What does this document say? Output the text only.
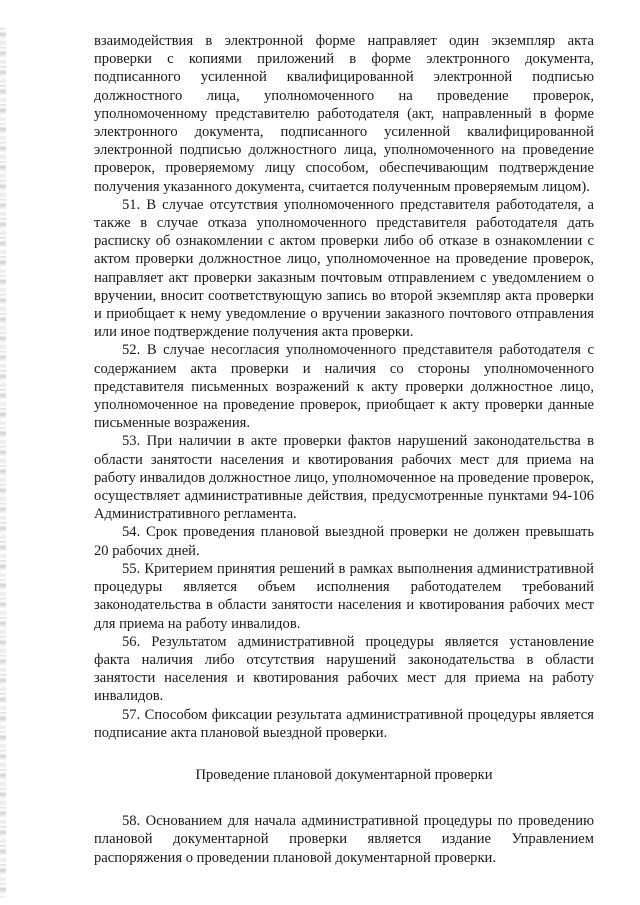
взаимодействия в электронной форме направляет один экземпляр акта проверки с копиями приложений в форме электронного документа, подписанного усиленной квалифицированной электронной подписью должностного лица, уполномоченного на проведение проверок, уполномоченному представителю работодателя (акт, направленный в форме электронного документа, подписанного усиленной квалифицированной электронной подписью должностного лица, уполномоченного на проведение проверок, проверяемому лицу способом, обеспечивающим подтверждение получения указанного документа, считается полученным проверяемым лицом).

51. В случае отсутствия уполномоченного представителя работодателя, а также в случае отказа уполномоченного представителя работодателя дать расписку об ознакомлении с актом проверки либо об отказе в ознакомлении с актом проверки должностное лицо, уполномоченное на проведение проверок, направляет акт проверки заказным почтовым отправлением с уведомлением о вручении, вносит соответствующую запись во второй экземпляр акта проверки и приобщает к нему уведомление о вручении заказного почтового отправления или иное подтверждение получения акта проверки.

52. В случае несогласия уполномоченного представителя работодателя с содержанием акта проверки и наличия со стороны уполномоченного представителя письменных возражений к акту проверки должностное лицо, уполномоченное на проведение проверок, приобщает к акту проверки данные письменные возражения.

53. При наличии в акте проверки фактов нарушений законодательства в области занятости населения и квотирования рабочих мест для приема на работу инвалидов должностное лицо, уполномоченное на проведение проверок, осуществляет административные действия, предусмотренные пунктами 94-106 Административного регламента.

54. Срок проведения плановой выездной проверки не должен превышать 20 рабочих дней.

55. Критерием принятия решений в рамках выполнения административной процедуры является объем исполнения работодателем требований законодательства в области занятости населения и квотирования рабочих мест для приема на работу инвалидов.

56. Результатом административной процедуры является установление факта наличия либо отсутствия нарушений законодательства в области занятости населения и квотирования рабочих мест для приема на работу инвалидов.

57. Способом фиксации результата административной процедуры является подписание акта плановой выездной проверки.

Проведение плановой документарной проверки

58. Основанием для начала административной процедуры по проведению плановой документарной проверки является издание Управлением распоряжения о проведении плановой документарной проверки.
